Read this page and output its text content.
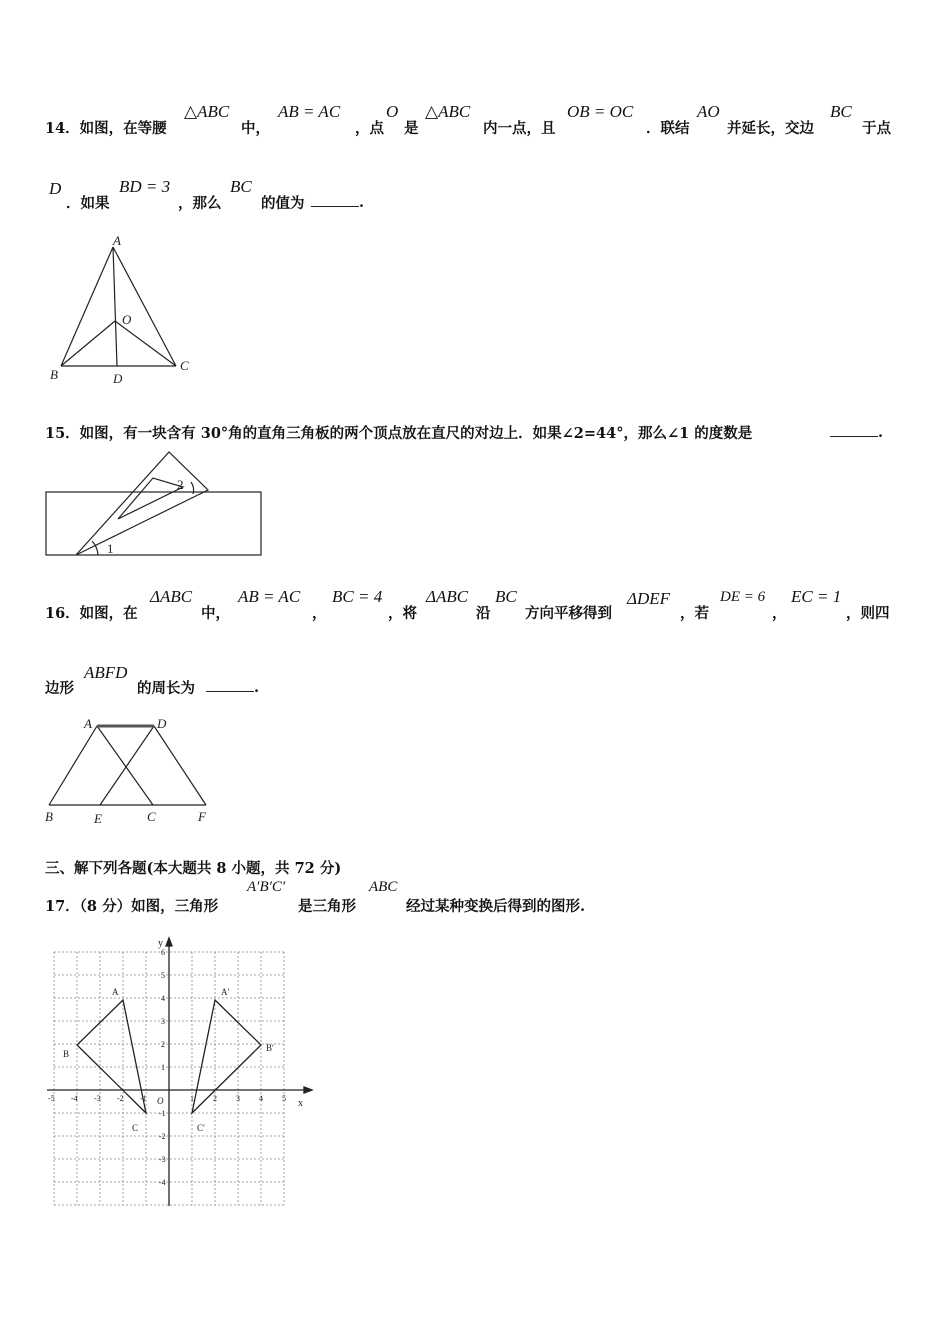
14．如图，在等腰
△ABC
中，
AB = AC
，点
O
是
△ABC
内一点，且
OB = OC
．联结
AO
并延长，交边
BC
于点
D
．如果
BD = 3
，那么
BC
的值为	.
A
O
B	D
C
15．如图，有一块含有 30°角的直角三角板的两个顶点放在直尺的对边上．如果∠2=44°，那么∠1 的度数是	.
1
2
16．如图，在
ΔABC
中，
AB = AC
，
BC = 4
，将
ΔABC
沿
BC
方向平移得到
ΔDEF
，若
DE = 6
，
EC = 1
，则四
边形
ABFD
的周长为	.
A	D
B	E	C	F
三、解下列各题(本大题共 8 小题，共 72 分)
17．（8 分）如图，三角形
A′B′C′
是三角形
ABC
经过某种变换后得到的图形.
-5 -4 -3 -2 -1	1 2 3 4 5
6
5
4
3
2
1
-1
-2
-3
-4
x
y
O
A
B
C
A′
B′
C′
